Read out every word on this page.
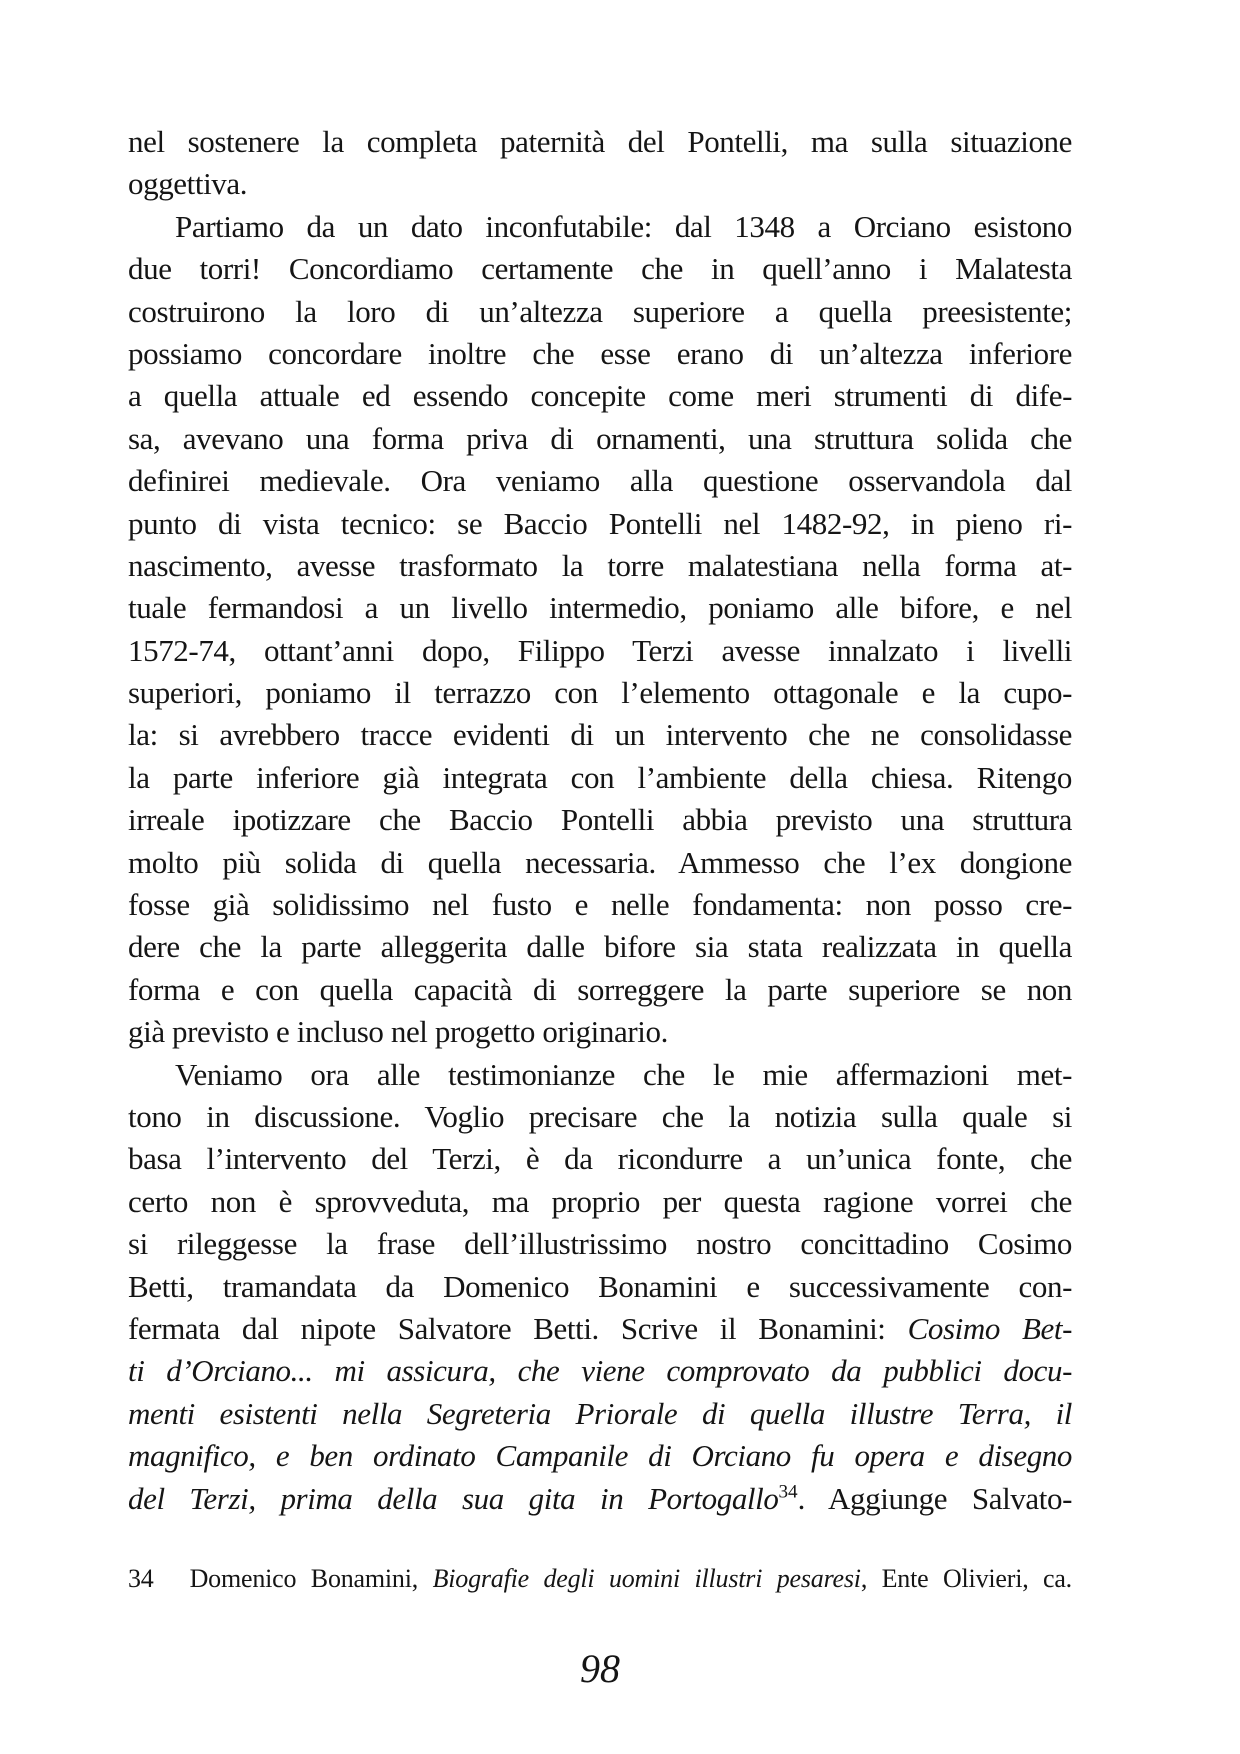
nel sostenere la completa paternità del Pontelli, ma sulla situazione
oggettiva.
Partiamo da un dato inconfutabile: dal 1348 a Orciano esistono
due torri! Concordiamo certamente che in quell’anno i Malatesta
costruirono la loro di un’altezza superiore a quella preesistente;
possiamo concordare inoltre che esse erano di un’altezza inferiore
a quella attuale ed essendo concepite come meri strumenti di dife-
sa, avevano una forma priva di ornamenti, una struttura solida che
definirei medievale. Ora veniamo alla questione osservandola dal
punto di vista tecnico: se Baccio Pontelli nel 1482-92, in pieno ri-
nascimento, avesse trasformato la torre malatestiana nella forma at-
tuale fermandosi a un livello intermedio, poniamo alle bifore, e nel
1572-74, ottant’anni dopo, Filippo Terzi avesse innalzato i livelli
superiori, poniamo il terrazzo con l’elemento ottagonale e la cupo-
la: si avrebbero tracce evidenti di un intervento che ne consolidasse
la parte inferiore già integrata con l’ambiente della chiesa. Ritengo
irreale ipotizzare che Baccio Pontelli abbia previsto una struttura
molto più solida di quella necessaria. Ammesso che l’ex dongione
fosse già solidissimo nel fusto e nelle fondamenta: non posso cre-
dere che la parte alleggerita dalle bifore sia stata realizzata in quella
forma e con quella capacità di sorreggere la parte superiore se non
già previsto e incluso nel progetto originario.
Veniamo ora alle testimonianze che le mie affermazioni met-
tono in discussione. Voglio precisare che la notizia sulla quale si
basa l’intervento del Terzi, è da ricondurre a un’unica fonte, che
certo non è sprovveduta, ma proprio per questa ragione vorrei che
si rileggesse la frase dell’illustrissimo nostro concittadino Cosimo
Betti, tramandata da Domenico Bonamini e successivamente con-
fermata dal nipote Salvatore Betti. Scrive il Bonamini: Cosimo Bet-
ti d’Orciano... mi assicura, che viene comprovato da pubblici docu-
menti esistenti nella Segreteria Priorale di quella illustre Terra, il
magnifico, e ben ordinato Campanile di Orciano fu opera e disegno
del Terzi, prima della sua gita in Portogallo$^{34}$. Aggiunge Salvato-
34 Domenico Bonamini, Biografie degli uomini illustri pesaresi, Ente Olivieri, ca.
98
